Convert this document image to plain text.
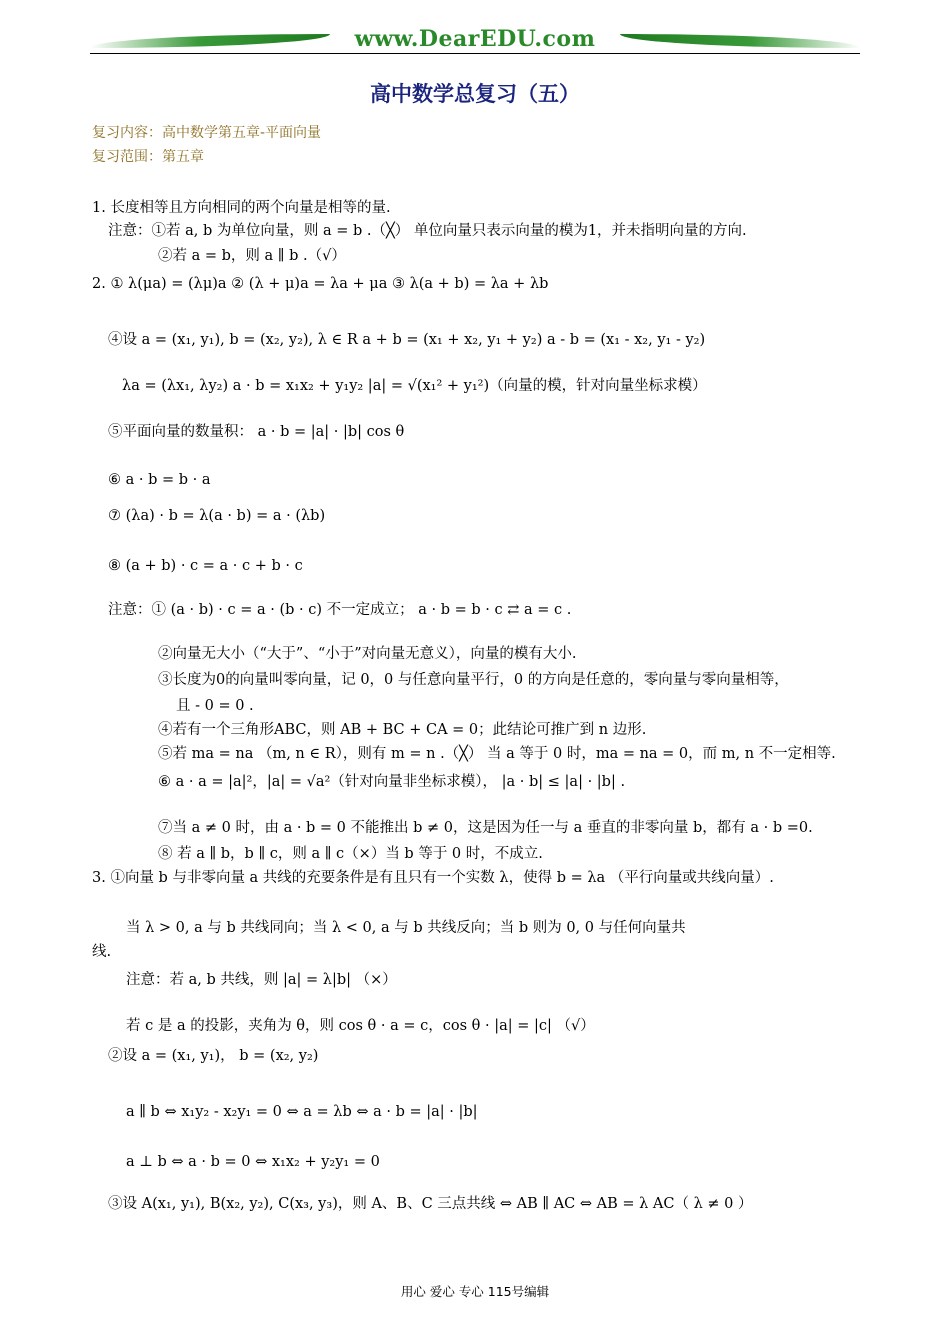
www.DearEDU.com
高中数学总复习（五）
复习内容：高中数学第五章-平面向量
复习范围：第五章
1. 长度相等且方向相同的两个向量是相等的量.
注意：①若 a, b 为单位向量，则 a = b .（╳） 单位向量只表示向量的模为1，并未指明向量的方向.
②若 a = b，则 a ∥ b .（√）
2. ① λ(μa) = (λμ)a ② (λ + μ)a = λa + μa ③ λ(a + b) = λa + λb
④设 a = (x₁, y₁), b = (x₂, y₂), λ ∈ R a + b = (x₁ + x₂, y₁ + y₂) a - b = (x₁ - x₂, y₁ - y₂)
λa = (λx₁, λy₂) a · b = x₁x₂ + y₁y₂ |a| = √(x₁² + y₁²)（向量的模，针对向量坐标求模）
⑤平面向量的数量积： a · b = |a| · |b| cos θ
⑥ a · b = b · a
⑦ (λa) · b = λ(a · b) = a · (λb)
⑧ (a + b) · c = a · c + b · c
注意：① (a · b) · c = a · (b · c) 不一定成立； a · b = b · c ⇄ a = c .
②向量无大小（“大于”、“小于”对向量无意义），向量的模有大小.
③长度为0的向量叫零向量，记 0，0 与任意向量平行，0 的方向是任意的，零向量与零向量相等，
且 - 0 = 0 .
④若有一个三角形ABC，则 AB + BC + CA = 0；此结论可推广到 n 边形.
⑤若 ma = na （m, n ∈ R），则有 m = n .（╳） 当 a 等于 0 时，ma = na = 0，而 m, n 不一定相等.
⑥ a · a = |a|²，|a| = √a²（针对向量非坐标求模）， |a · b| ≤ |a| · |b| .
⑦当 a ≠ 0 时，由 a · b = 0 不能推出 b ≠ 0，这是因为任一与 a 垂直的非零向量 b，都有 a · b =0.
⑧ 若 a ∥ b，b ∥ c，则 a ∥ c（×）当 b 等于 0 时，不成立.
3. ①向量 b 与非零向量 a 共线的充要条件是有且只有一个实数 λ，使得 b = λa （平行向量或共线向量）.
当 λ > 0, a 与 b 共线同向；当 λ < 0, a 与 b 共线反向；当 b 则为 0, 0 与任何向量共
线.
注意：若 a, b 共线，则 |a| = λ|b| （×）
若 c 是 a 的投影，夹角为 θ，则 cos θ · a = c，cos θ · |a| = |c| （√）
②设 a = (x₁, y₁)， b = (x₂, y₂)
a ∥ b ⇔ x₁y₂ - x₂y₁ = 0 ⇔ a = λb ⇔ a · b = |a| · |b|
a ⊥ b ⇔ a · b = 0 ⇔ x₁x₂ + y₂y₁ = 0
③设 A(x₁, y₁), B(x₂, y₂), C(x₃, y₃)，则 A、B、C 三点共线 ⇔ AB ∥ AC ⇔ AB = λ AC（ λ ≠ 0 ）
用心 爱心 专心 115号编辑
